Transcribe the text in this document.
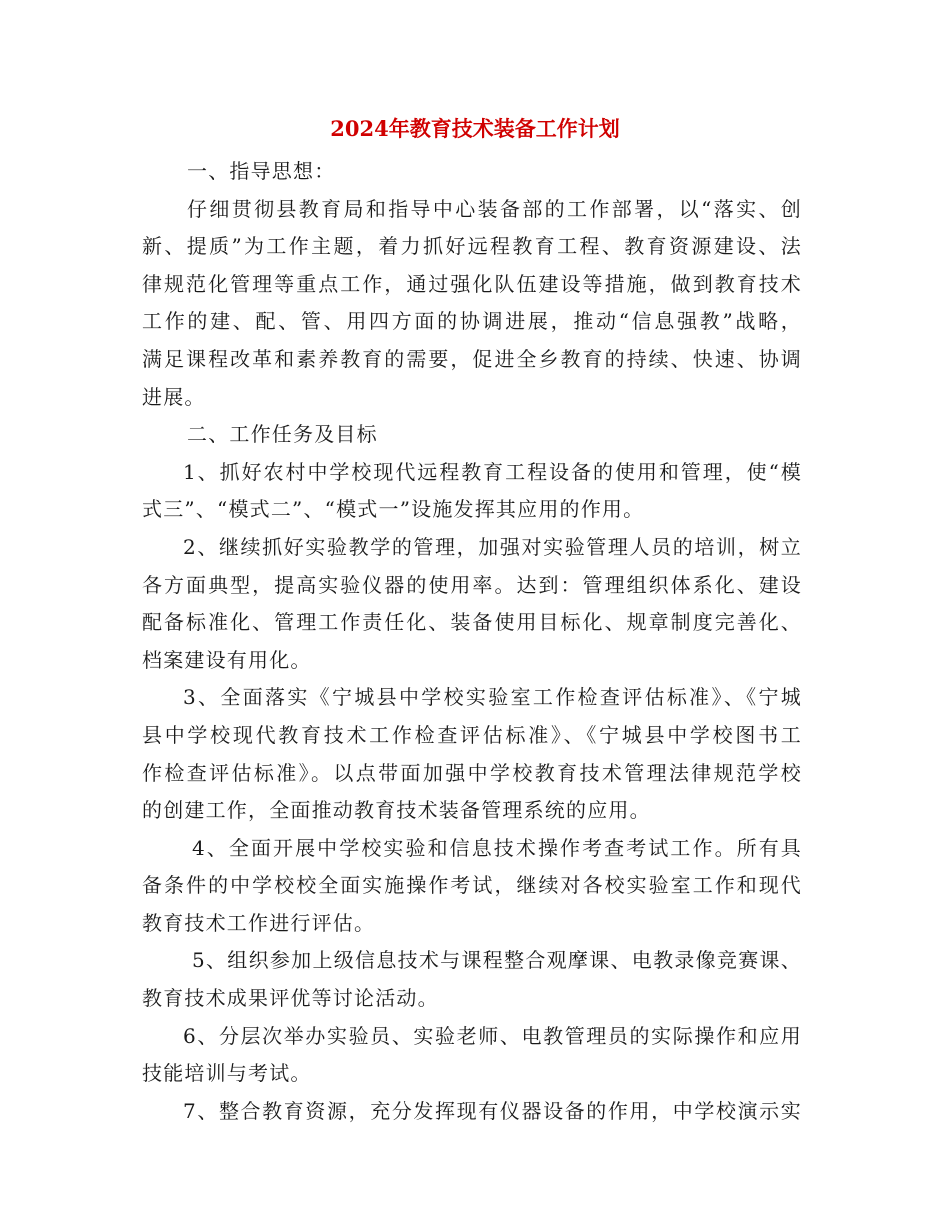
2024年教育技术装备工作计划
一、指导思想：
仔细贯彻县教育局和指导中心装备部的工作部署，以“落实、创
新、提质”为工作主题，着力抓好远程教育工程、教育资源建设、法
律规范化管理等重点工作，通过强化队伍建设等措施，做到教育技术
工作的建、配、管、用四方面的协调进展，推动“信息强教”战略，
满足课程改革和素养教育的需要，促进全乡教育的持续、快速、协调
进展。
二、工作任务及目标
1、抓好农村中学校现代远程教育工程设备的使用和管理，使“模
式三”、“模式二”、“模式一”设施发挥其应用的作用。
2、继续抓好实验教学的管理，加强对实验管理人员的培训，树立
各方面典型，提高实验仪器的使用率。达到：管理组织体系化、建设
配备标准化、管理工作责任化、装备使用目标化、规章制度完善化、
档案建设有用化。
3、全面落实《宁城县中学校实验室工作检查评估标准》、《宁城
县中学校现代教育技术工作检查评估标准》、《宁城县中学校图书工
作检查评估标准》。以点带面加强中学校教育技术管理法律规范学校
的创建工作，全面推动教育技术装备管理系统的应用。
4、全面开展中学校实验和信息技术操作考查考试工作。所有具
备条件的中学校校全面实施操作考试，继续对各校实验室工作和现代
教育技术工作进行评估。
5、组织参加上级信息技术与课程整合观摩课、电教录像竞赛课、
教育技术成果评优等讨论活动。
6、分层次举办实验员、实验老师、电教管理员的实际操作和应用
技能培训与考试。
7、整合教育资源，充分发挥现有仪器设备的作用，中学校演示实
